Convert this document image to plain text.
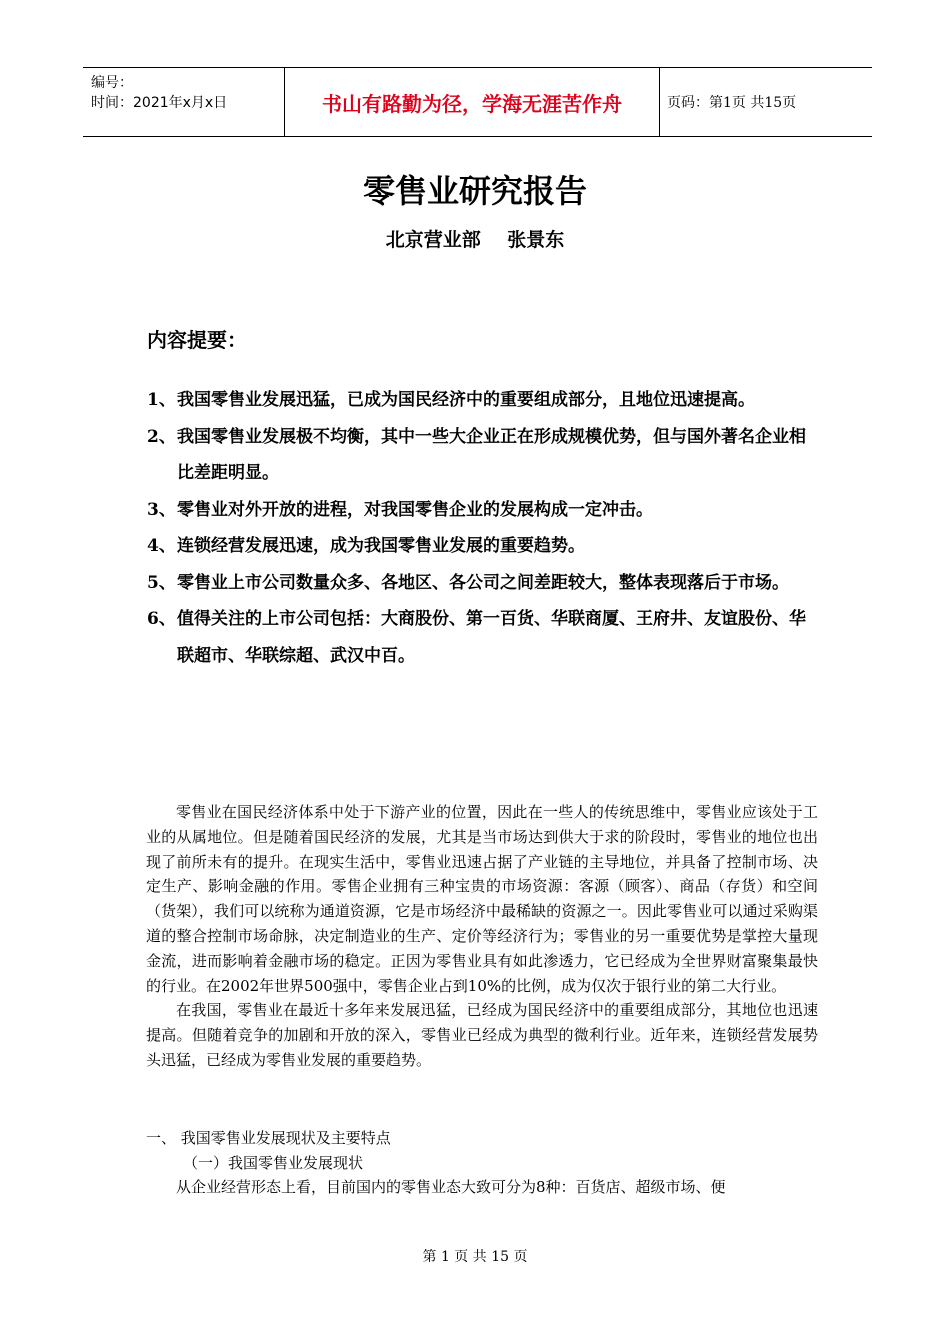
编号：
时间：2021年x月x日	书山有路勤为径，学海无涯苦作舟	页码：第1页 共15页
零售业研究报告
北京营业部    张景东
内容提要：
1、 我国零售业发展迅猛，已成为国民经济中的重要组成部分，且地位迅速提高。
2、 我国零售业发展极不均衡，其中一些大企业正在形成规模优势，但与国外著名企业相比差距明显。
3、 零售业对外开放的进程，对我国零售企业的发展构成一定冲击。
4、 连锁经营发展迅速，成为我国零售业发展的重要趋势。
5、 零售业上市公司数量众多、各地区、各公司之间差距较大，整体表现落后于市场。
6、 值得关注的上市公司包括：大商股份、第一百货、华联商厦、王府井、友谊股份、华联超市、华联综超、武汉中百。

零售业在国民经济体系中处于下游产业的位置，因此在一些人的传统思维中，零售业应该处于工业的从属地位。但是随着国民经济的发展，尤其是当市场达到供大于求的阶段时，零售业的地位也出现了前所未有的提升。在现实生活中，零售业迅速占据了产业链的主导地位，并具备了控制市场、决定生产、影响金融的作用。零售企业拥有三种宝贵的市场资源：客源（顾客）、商品（存货）和空间（货架），我们可以统称为通道资源，它是市场经济中最稀缺的资源之一。因此零售业可以通过采购渠道的整合控制市场命脉，决定制造业的生产、定价等经济行为；零售业的另一重要优势是掌控大量现金流，进而影响着金融市场的稳定。正因为零售业具有如此渗透力，它已经成为全世界财富聚集最快的行业。在2002年世界500强中，零售企业占到10%的比例，成为仅次于银行业的第二大行业。

在我国，零售业在最近十多年来发展迅猛，已经成为国民经济中的重要组成部分，其地位也迅速提高。但随着竞争的加剧和开放的深入，零售业已经成为典型的微利行业。近年来，连锁经营发展势头迅猛，已经成为零售业发展的重要趋势。

一、 我国零售业发展现状及主要特点
（一）我国零售业发展现状
从企业经营形态上看，目前国内的零售业态大致可分为8种：百货店、超级市场、便
第 1 页 共 15 页
